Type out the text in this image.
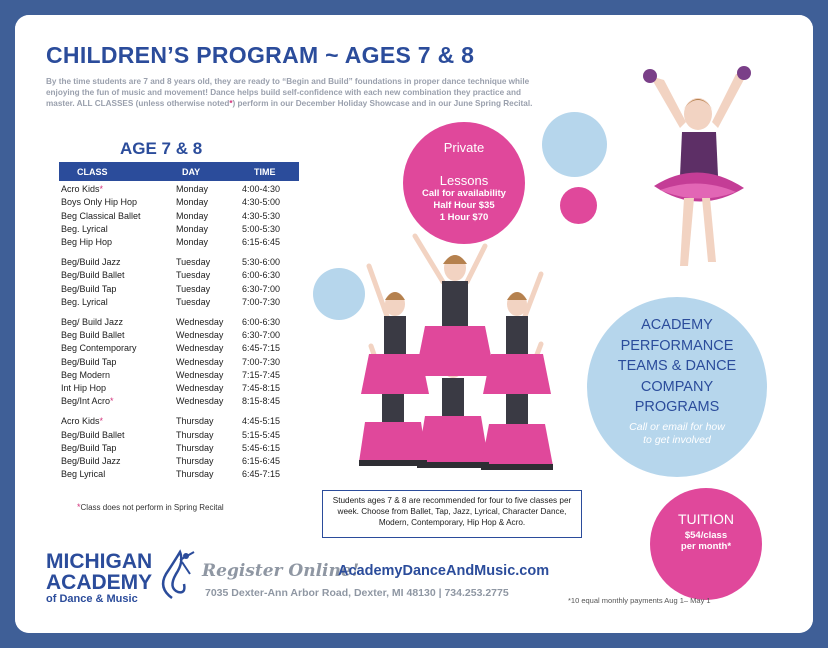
CHILDREN’S PROGRAM ~ AGES 7 & 8
By the time students are 7 and 8 years old, they are ready to “Begin and Build” foundations in proper dance technique while enjoying the fun of music and movement! Dance helps build self-confidence with each new combination they practice and master. ALL CLASSES (unless otherwise noted*) perform in our December Holiday Showcase and in our June Spring Recital.
AGE 7 & 8
CLASS	DAY	TIME
Acro Kids*	Monday	4:00-4:30
Boys Only Hip Hop	Monday	4:30-5:00
Beg Classical Ballet	Monday	4:30-5:30
Beg. Lyrical	Monday	5:00-5:30
Beg Hip Hop	Monday	6:15-6:45
Beg/Build Jazz	Tuesday	5:30-6:00
Beg/Build Ballet	Tuesday	6:00-6:30
Beg/Build Tap	Tuesday	6:30-7:00
Beg. Lyrical	Tuesday	7:00-7:30
Beg/ Build Jazz	Wednesday 6:00-6:30
Beg Build Ballet	Wednesday 6:30-7:00
Beg Contemporary	Wednesday 6:45-7:15
Beg/Build Tap	Wednesday 7:00-7:30
Beg Modern	Wednesday 7:15-7:45
Int Hip Hop	Wednesday 7:45-8:15
Beg/Int Acro*	Wednesday 8:15-8:45
Acro Kids*	Thursday	4:45-5:15
Beg/Build Ballet	Thursday	5:15-5:45
Beg/Build Tap	Thursday	5:45-6:15
Beg/Build Jazz	Thursday	6:15-6:45
Beg Lyrical	Thursday	6:45-7:15
*Class does not perform in Spring Recital
Private
Lessons
Call for availability
Half Hour $35
1 Hour $70
ACADEMY
PERFORMANCE
TEAMS & DANCE
COMPANY
PROGRAMS
Call or email for how
to get involved
Students ages 7 & 8 are recommended for four to five classes per week. Choose from Ballet, Tap, Jazz, Lyrical, Character Dance, Modern, Contemporary, Hip Hop & Acro.	TUITION
$54/class
per month*
MICHIGAN
ACADEMY
of Dance & Music
Register Online!
AcademyDanceAndMusic.com
7035 Dexter-Ann Arbor Road, Dexter, MI 48130 | 734.253.2775
*10 equal monthly payments Aug 1– May 1
